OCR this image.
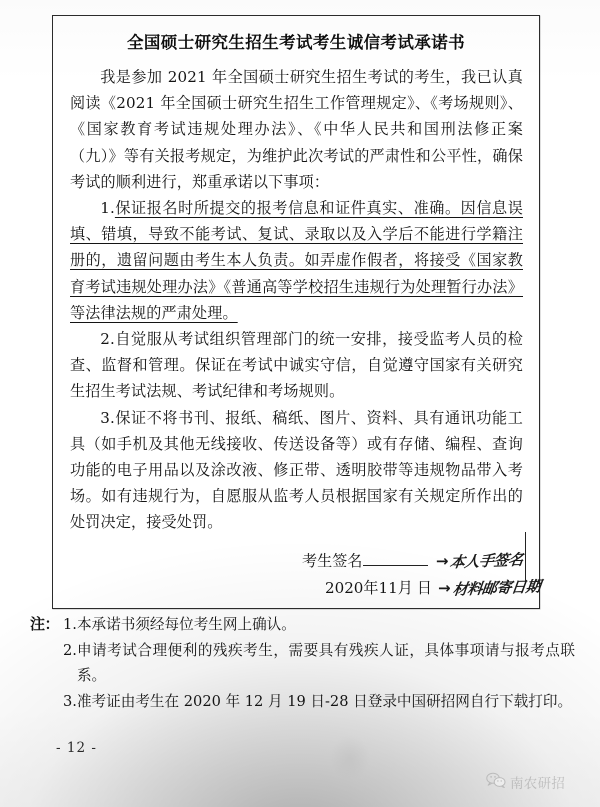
全国硕士研究生招生考试考生诚信考试承诺书
我是参加 2021 年全国硕士研究生招生考试的考生，我已认真阅读《2021 年全国硕士研究生招生工作管理规定》、《考场规则》、《国家教育考试违规处理办法》、《中华人民共和国刑法修正案（九）》等有关报考规定，为维护此次考试的严肃性和公平性，确保考试的顺利进行，郑重承诺以下事项：
1.保证报名时所提交的报考信息和证件真实、准确。因信息误填、错填，导致不能考试、复试、录取以及入学后不能进行学籍注册的，遗留问题由考生本人负责。如弄虚作假者，将接受《国家教育考试违规处理办法》《普通高等学校招生违规行为处理暂行办法》等法律法规的严肃处理。
2.自觉服从考试组织管理部门的统一安排，接受监考人员的检查、监督和管理。保证在考试中诚实守信，自觉遵守国家有关研究生招生考试法规、考试纪律和考场规则。
3.保证不将书刊、报纸、稿纸、图片、资料、具有通讯功能工具（如手机及其他无线接收、传送设备等）或有存储、编程、查询功能的电子用品以及涂改液、修正带、透明胶带等违规物品带入考场。如有违规行为，自愿服从监考人员根据国家有关规定所作出的处罚决定，接受处罚。
考生签名	→ 本人手签名
2020 年 11 月 日 → 材料邮寄日期
注： 1. 本承诺书须经每位考生网上确认。
2. 申请考试合理便利的残疾考生，需要具有残疾人证，具体事项请与报考点联系。
3. 准考证由考生在 2020 年 12 月 19 日-28 日登录中国研招网自行下载打印。
- 12 -
南农研招
